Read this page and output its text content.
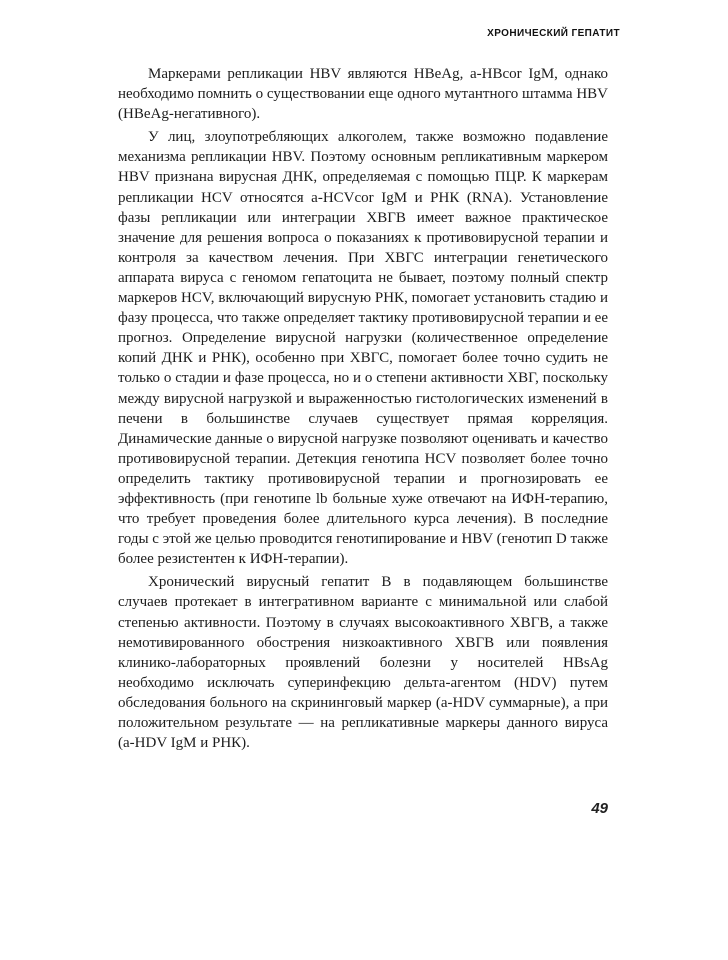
ХРОНИЧЕСКИЙ ГЕПАТИТ

Маркерами репликации HBV являются HBeAg, a-HBcor IgM, однако необходимо помнить о существовании еще одного мутантного штамма HBV (HBeAg-негативного).

У лиц, злоупотребляющих алкоголем, также возможно подавление механизма репликации HBV. Поэтому основным репликативным маркером HBV признана вирусная ДНК, определяемая с помощью ПЦР. К маркерам репликации HCV относятся a-HCVcor IgM и РНК (RNA). Установление фазы репликации или интеграции ХВГВ имеет важное практическое значение для решения вопроса о показаниях к противовирусной терапии и контроля за качеством лечения. При ХВГС интеграции генетического аппарата вируса с геномом гепатоцита не бывает, поэтому полный спектр маркеров HCV, включающий вирусную РНК, помогает установить стадию и фазу процесса, что также определяет тактику противовирусной терапии и ее прогноз. Определение вирусной нагрузки (количественное определение копий ДНК и РНК), особенно при ХВГС, помогает более точно судить не только о стадии и фазе процесса, но и о степени активности ХВГ, поскольку между вирусной нагрузкой и выраженностью гистологических изменений в печени в большинстве случаев существует прямая корреляция. Динамические данные о вирусной нагрузке позволяют оценивать и качество противовирусной терапии. Детекция генотипа HCV позволяет более точно определить тактику противовирусной терапии и прогнозировать ее эффективность (при генотипе lb больные хуже отвечают на ИФН-терапию, что требует проведения более длительного курса лечения). В последние годы с этой же целью проводится генотипирование и HBV (генотип D также более резистентен к ИФН-терапии).

Хронический вирусный гепатит В в подавляющем большинстве случаев протекает в интегративном варианте с минимальной или слабой степенью активности. Поэтому в случаях высокоактивного ХВГВ, а также немотивированного обострения низкоактивного ХВГВ или появления клинико-лабораторных проявлений болезни у носителей HBsAg необходимо исключать суперинфекцию дельта-агентом (HDV) путем обследования больного на скрининговый маркер (a-HDV суммарные), а при положительном результате — на репликативные маркеры данного вируса (a-HDV IgM и РНК).

49
